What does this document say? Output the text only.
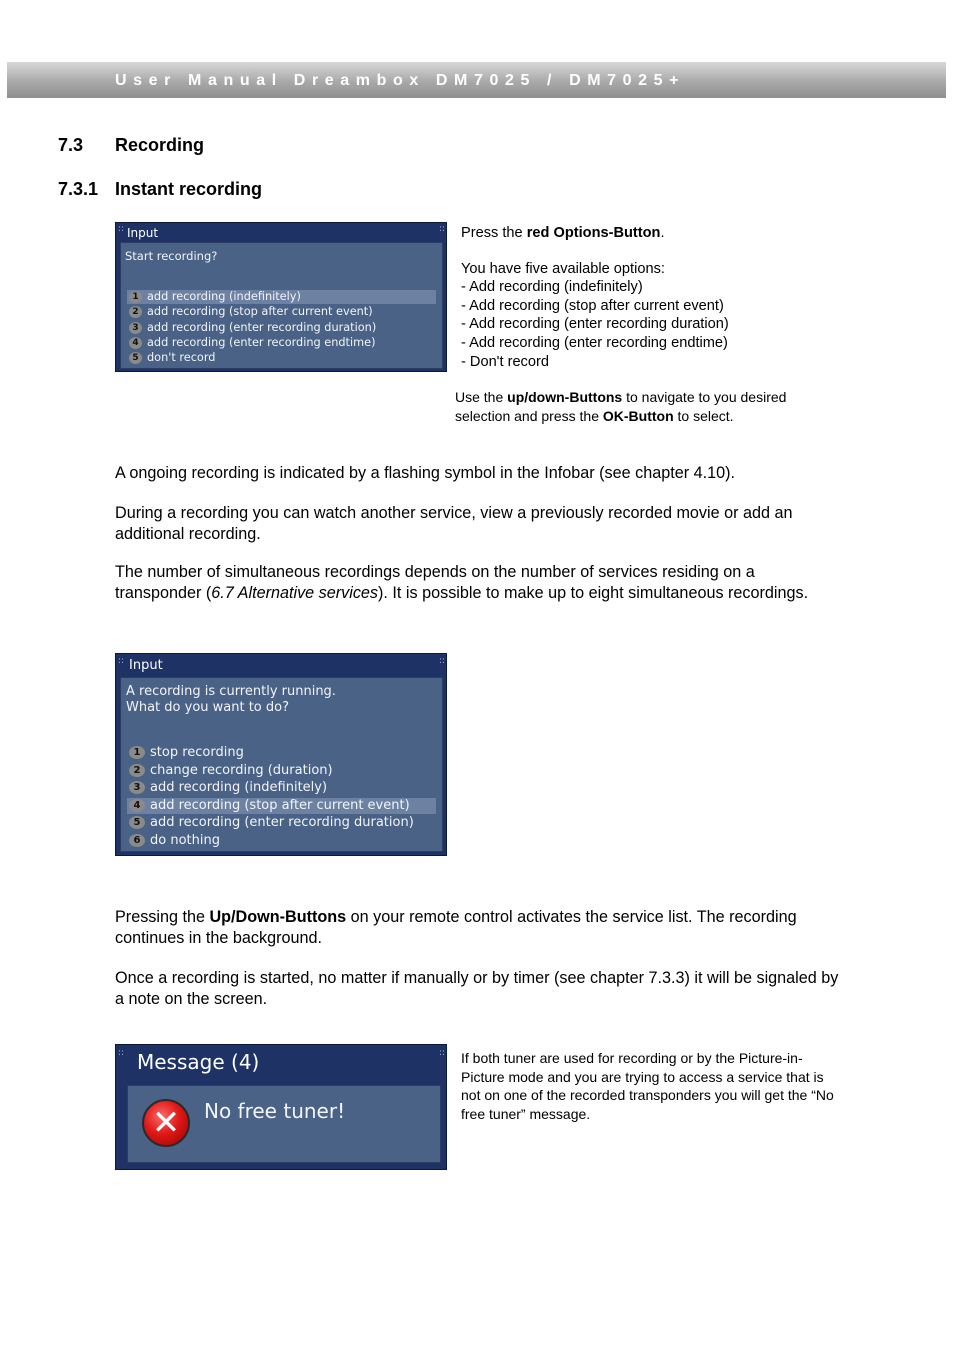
User Manual Dreambox DM7025 / DM7025+
7.3 Recording
7.3.1 Instant recording
::	::
Input
Start recording?
1 add recording (indefinitely)
2 add recording (stop after current event)
3 add recording (enter recording duration)
4 add recording (enter recording endtime)
5 don't record

Press the red Options-Button.

You have five available options:

- Add recording (indefinitely)

- Add recording (stop after current event)

- Add recording (enter recording duration)

- Add recording (enter recording endtime)

- Don't record

Use the up/down-Buttons to navigate to you desired selection and press the OK-Button to select.
A ongoing recording is indicated by a flashing symbol in the Infobar (see chapter 4.10).
During a recording you can watch another service, view a previously recorded movie or add an additional recording.
The number of simultaneous recordings depends on the number of services residing on a transponder (6.7 Alternative services). It is possible to make up to eight simultaneous recordings.
::	::
Input
A recording is currently running.
What do you want to do?
1 stop recording
2 change recording (duration)
3 add recording (indefinitely)
4 add recording (stop after current event)
5 add recording (enter recording duration)
6 do nothing
Pressing the Up/Down-Buttons on your remote control activates the service list. The recording continues in the background.
Once a recording is started, no matter if manually or by timer (see chapter 7.3.3) it will be signaled by a note on the screen.
::	::
Message (4)
✕	No free tuner!
If both tuner are used for recording or by the Picture-in-Picture mode and you are trying to access a service that is not on one of the recorded transponders you will get the “No free tuner” message.
